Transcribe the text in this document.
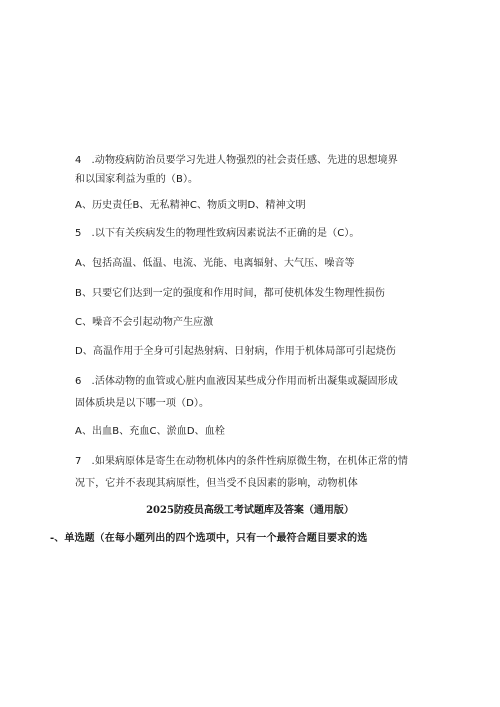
4　.动物疫病防治员要学习先进人物强烈的社会责任感、先进的思想境界
和以国家利益为重的（B）。
A、历史责任B、无私精神C、物质文明D、精神文明
5　.以下有关疾病发生的物理性致病因素说法不正确的是（C）。
A、包括高温、低温、电流、光能、电离辐射、大气压、噪音等
B、只要它们达到一定的强度和作用时间，都可使机体发生物理性损伤
C、噪音不会引起动物产生应激
D、高温作用于全身可引起热射病、日射病，作用于机体局部可引起烧伤
6　.活体动物的血管或心脏内血液因某些成分作用而析出凝集或凝固形成
固体质块是以下哪一项（D）。
A、出血B、充血C、淤血D、血栓
7　.如果病原体是寄生在动物机体内的条件性病原微生物，在机体正常的情
况下，它并不表现其病原性，但当受不良因素的影响，动物机体
2025防疫员高级工考试题库及答案（通用版）
-、单选题（在每小题列出的四个选项中，只有一个最符合题目要求的选
